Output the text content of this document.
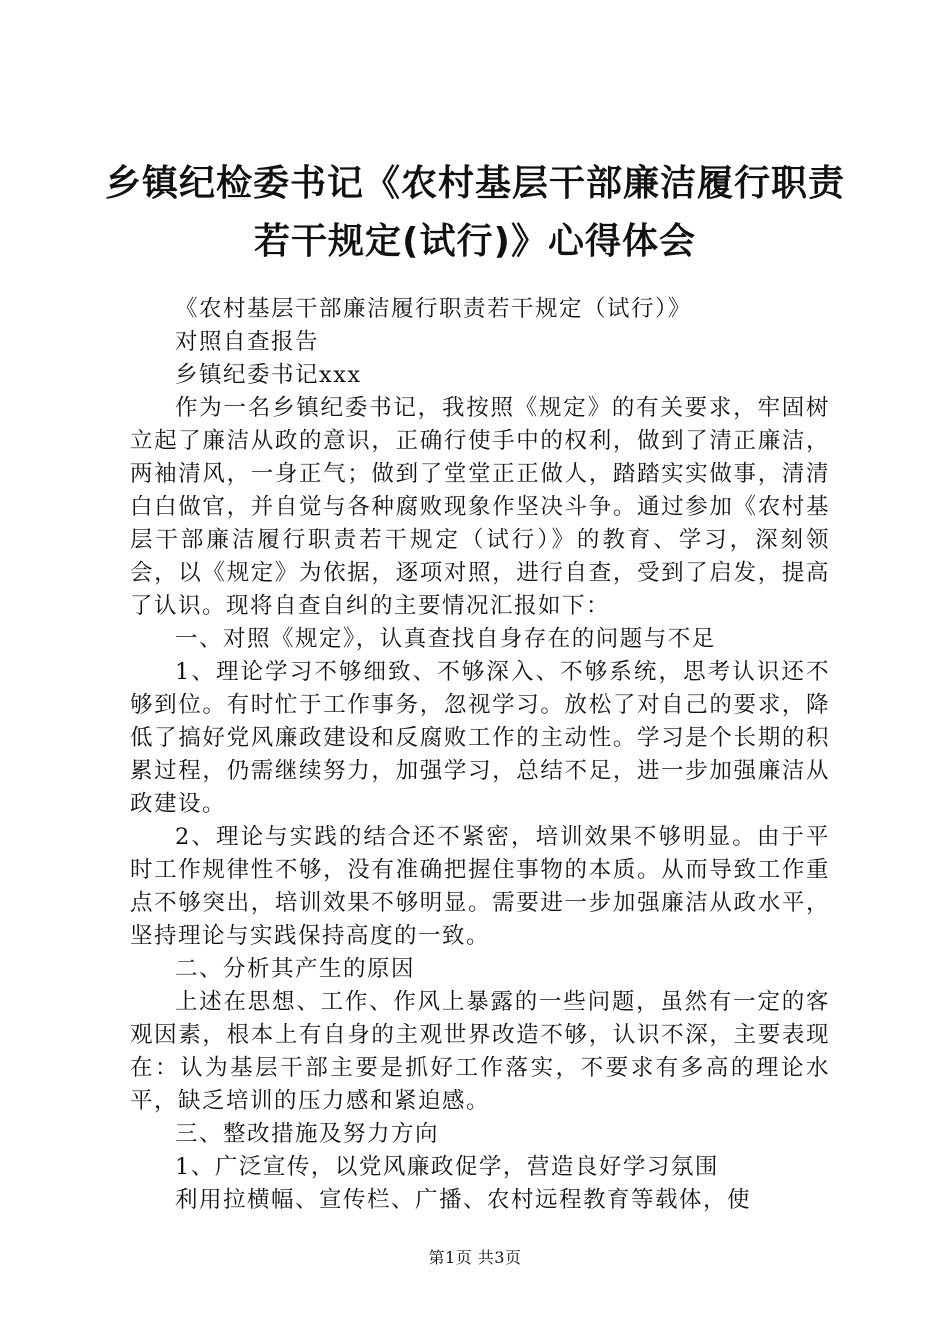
乡镇纪检委书记《农村基层干部廉洁履行职责
若干规定(试行)》心得体会

《农村基层干部廉洁履行职责若干规定（试行）》

对照自查报告

乡镇纪委书记xxx

作为一名乡镇纪委书记，我按照《规定》的有关要求，牢固树立起了廉洁从政的意识，正确行使手中的权利，做到了清正廉洁，两袖清风，一身正气；做到了堂堂正正做人，踏踏实实做事，清清白白做官，并自觉与各种腐败现象作坚决斗争。通过参加《农村基层干部廉洁履行职责若干规定（试行）》的教育、学习，深刻领会，以《规定》为依据，逐项对照，进行自查，受到了启发，提高了认识。现将自查自纠的主要情况汇报如下：

一、对照《规定》，认真查找自身存在的问题与不足

1、理论学习不够细致、不够深入、不够系统，思考认识还不够到位。有时忙于工作事务，忽视学习。放松了对自己的要求，降低了搞好党风廉政建设和反腐败工作的主动性。学习是个长期的积累过程，仍需继续努力，加强学习，总结不足，进一步加强廉洁从政建设。

2、理论与实践的结合还不紧密，培训效果不够明显。由于平时工作规律性不够，没有准确把握住事物的本质。从而导致工作重点不够突出，培训效果不够明显。需要进一步加强廉洁从政水平，坚持理论与实践保持高度的一致。

二、分析其产生的原因

上述在思想、工作、作风上暴露的一些问题，虽然有一定的客观因素，根本上有自身的主观世界改造不够，认识不深，主要表现在：认为基层干部主要是抓好工作落实，不要求有多高的理论水平，缺乏培训的压力感和紧迫感。

三、整改措施及努力方向

1、广泛宣传，以党风廉政促学，营造良好学习氛围

利用拉横幅、宣传栏、广播、农村远程教育等载体，使

第1页 共3页
